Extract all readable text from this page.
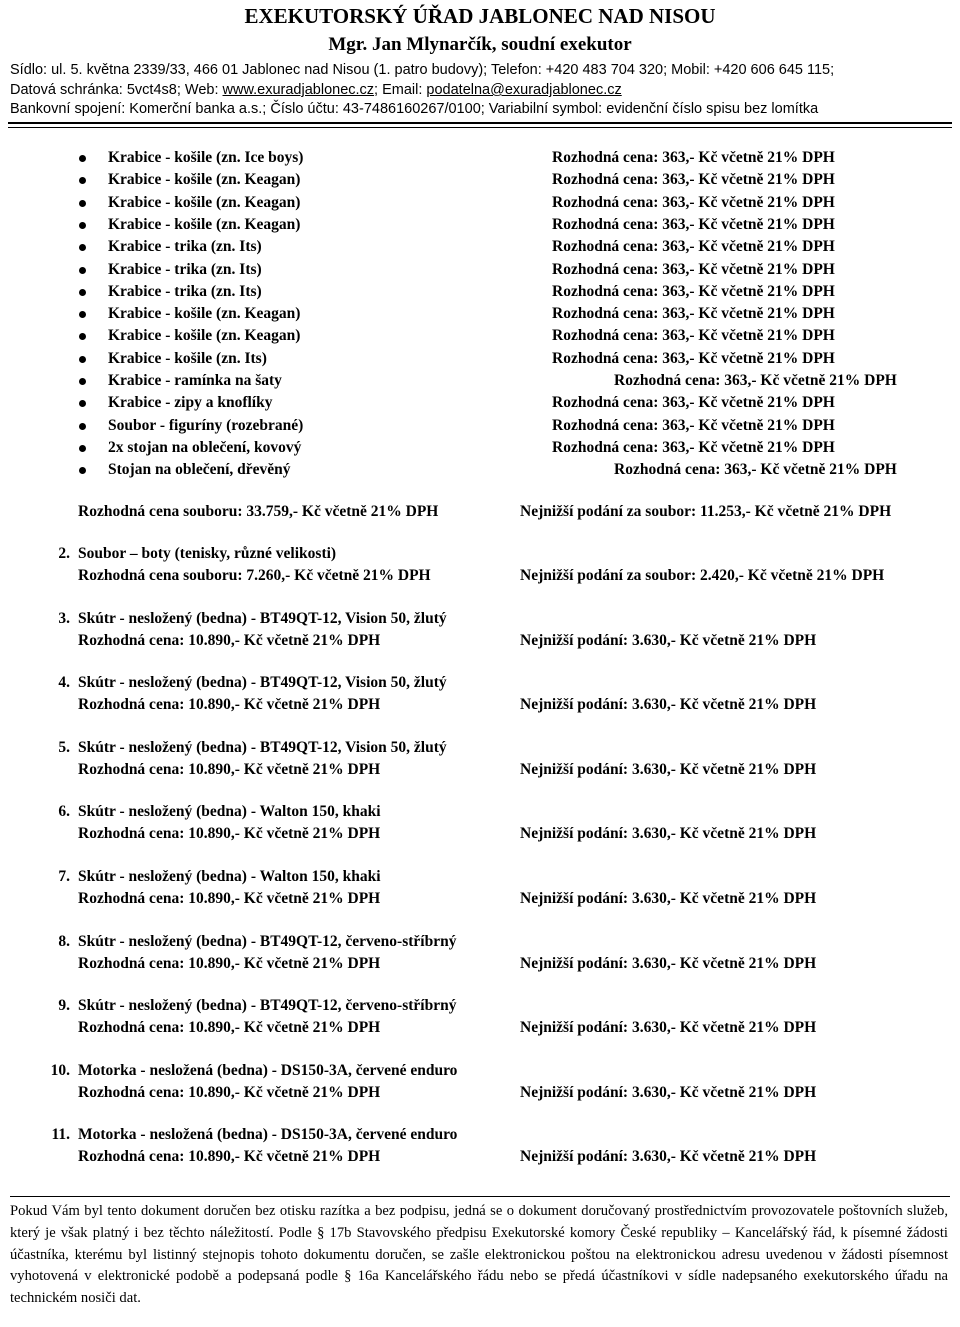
EXEKUTORSKÝ ÚŘAD JABLONEC NAD NISOU
Mgr. Jan Mlynarčík, soudní exekutor
Sídlo: ul. 5. května 2339/33, 466 01 Jablonec nad Nisou (1. patro budovy); Telefon: +420 483 704 320; Mobil: +420 606 645 115;
Datová schránka: 5vct4s8; Web: www.exuradjablonec.cz; Email: podatelna@exuradjablonec.cz
Bankovní spojení: Komerční banka a.s.; Číslo účtu: 43-7486160267/0100; Variabilní symbol: evidenční číslo spisu bez lomítka
Krabice - košile (zn. Ice boys)	Rozhodná cena: 363,- Kč včetně 21% DPH
Krabice - košile (zn. Keagan)	Rozhodná cena: 363,- Kč včetně 21% DPH
Krabice - košile (zn. Keagan)	Rozhodná cena: 363,- Kč včetně 21% DPH
Krabice - košile (zn. Keagan)	Rozhodná cena: 363,- Kč včetně 21% DPH
Krabice - trika (zn. Its)	Rozhodná cena: 363,- Kč včetně 21% DPH
Krabice - trika (zn. Its)	Rozhodná cena: 363,- Kč včetně 21% DPH
Krabice - trika (zn. Its)	Rozhodná cena: 363,- Kč včetně 21% DPH
Krabice - košile (zn. Keagan)	Rozhodná cena: 363,- Kč včetně 21% DPH
Krabice - košile (zn. Keagan)	Rozhodná cena: 363,- Kč včetně 21% DPH
Krabice - košile (zn. Its)	Rozhodná cena: 363,- Kč včetně 21% DPH
Krabice - ramínka na šaty	Rozhodná cena: 363,- Kč včetně 21% DPH
Krabice - zipy a knoflíky	Rozhodná cena: 363,- Kč včetně 21% DPH
Soubor - figuríny (rozebrané)	Rozhodná cena: 363,- Kč včetně 21% DPH
2x stojan na oblečení, kovový	Rozhodná cena: 363,- Kč včetně 21% DPH
Stojan na oblečení, dřevěný	Rozhodná cena: 363,- Kč včetně 21% DPH
Rozhodná cena souboru: 33.759,- Kč včetně 21% DPH	Nejnižší podání za soubor: 11.253,- Kč včetně 21% DPH
2. Soubor – boty (tenisky, různé velikosti)
Rozhodná cena souboru: 7.260,- Kč včetně 21% DPH	Nejnižší podání za soubor: 2.420,- Kč včetně 21% DPH
3. Skútr - nesložený (bedna) - BT49QT-12, Vision 50, žlutý
Rozhodná cena: 10.890,- Kč včetně 21% DPH	Nejnižší podání: 3.630,- Kč včetně 21% DPH
4. Skútr - nesložený (bedna) - BT49QT-12, Vision 50, žlutý
Rozhodná cena: 10.890,- Kč včetně 21% DPH	Nejnižší podání: 3.630,- Kč včetně 21% DPH
5. Skútr - nesložený (bedna) - BT49QT-12, Vision 50, žlutý
Rozhodná cena: 10.890,- Kč včetně 21% DPH	Nejnižší podání: 3.630,- Kč včetně 21% DPH
6. Skútr - nesložený (bedna) - Walton 150, khaki
Rozhodná cena: 10.890,- Kč včetně 21% DPH	Nejnižší podání: 3.630,- Kč včetně 21% DPH
7. Skútr - nesložený (bedna) - Walton 150, khaki
Rozhodná cena: 10.890,- Kč včetně 21% DPH	Nejnižší podání: 3.630,- Kč včetně 21% DPH
8. Skútr - nesložený (bedna) - BT49QT-12, červeno-stříbrný
Rozhodná cena: 10.890,- Kč včetně 21% DPH	Nejnižší podání: 3.630,- Kč včetně 21% DPH
9. Skútr - nesložený (bedna) - BT49QT-12, červeno-stříbrný
Rozhodná cena: 10.890,- Kč včetně 21% DPH	Nejnižší podání: 3.630,- Kč včetně 21% DPH
10. Motorka - nesložená (bedna) - DS150-3A, červené enduro
Rozhodná cena: 10.890,- Kč včetně 21% DPH	Nejnižší podání: 3.630,- Kč včetně 21% DPH
11. Motorka - nesložená (bedna) - DS150-3A, červené enduro
Rozhodná cena: 10.890,- Kč včetně 21% DPH	Nejnižší podání: 3.630,- Kč včetně 21% DPH
Pokud Vám byl tento dokument doručen bez otisku razítka a bez podpisu, jedná se o dokument doručovaný prostřednictvím provozovatele poštovních služeb, který je však platný i bez těchto náležitostí. Podle § 17b Stavovského předpisu Exekutorské komory České republiky – Kancelářský řád, k písemné žádosti účastníka, kterému byl listinný stejnopis tohoto dokumentu doručen, se zašle elektronickou poštou na elektronickou adresu uvedenou v žádosti písemnost vyhotovená v elektronické podobě a podepsaná podle § 16a Kancelářského řádu nebo se předá účastníkovi v sídle nadepsaného exekutorského úřadu na technickém nosiči dat.
